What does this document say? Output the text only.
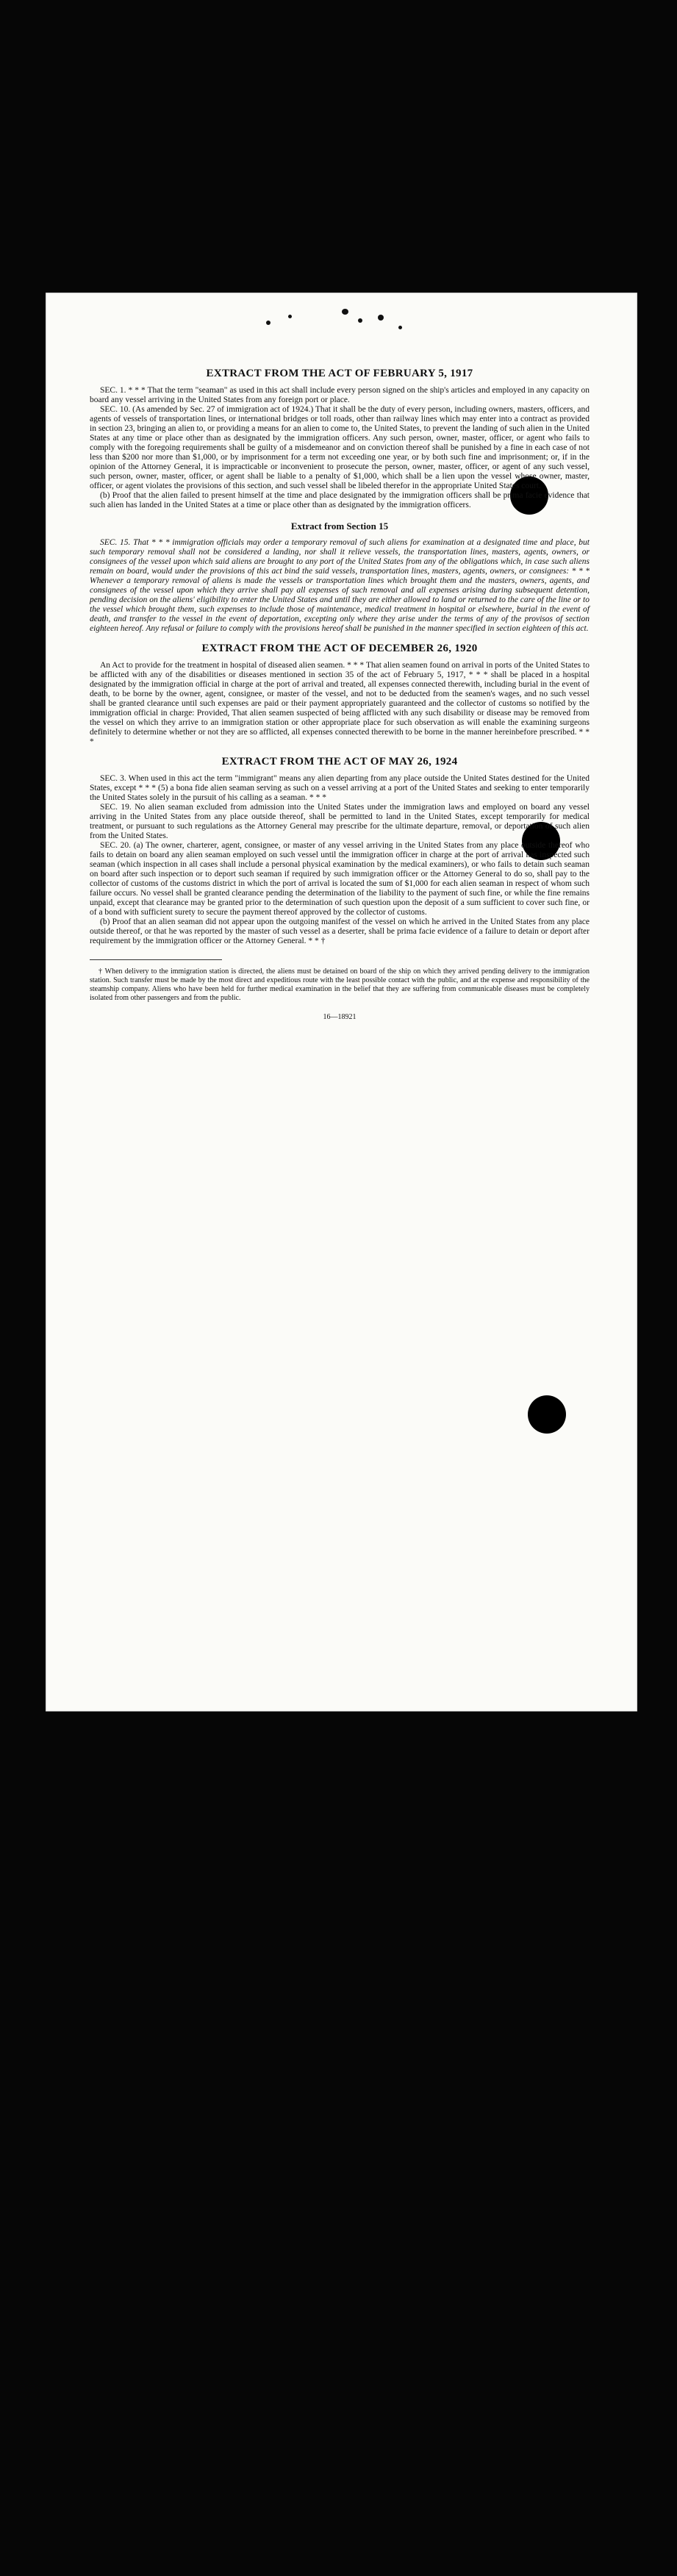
EXTRACT FROM THE ACT OF FEBRUARY 5, 1917

SEC. 1. * * * That the term "seaman" as used in this act shall include every person signed on the ship's articles and employed in any capacity on board any vessel arriving in the United States from any foreign port or place.

SEC. 10. (As amended by Sec. 27 of immigration act of 1924.) That it shall be the duty of every person, including owners, masters, officers, and agents of vessels of transportation lines, or international bridges or toll roads, other than railway lines which may enter into a contract as provided in section 23, bringing an alien to, or providing a means for an alien to come to, the United States, to prevent the landing of such alien in the United States at any time or place other than as designated by the immigration officers. Any such person, owner, master, officer, or agent who fails to comply with the foregoing requirements shall be guilty of a misdemeanor and on conviction thereof shall be punished by a fine in each case of not less than $200 nor more than $1,000, or by imprisonment for a term not exceeding one year, or by both such fine and imprisonment; or, if in the opinion of the Attorney General, it is impracticable or inconvenient to prosecute the person, owner, master, officer, or agent of any such vessel, such person, owner, master, officer, or agent shall be liable to a penalty of $1,000, which shall be a lien upon the vessel whose owner, master, officer, or agent violates the provisions of this section, and such vessel shall be libeled therefor in the appropriate United States court.

(b) Proof that the alien failed to present himself at the time and place designated by the immigration officers shall be prima facie evidence that such alien has landed in the United States at a time or place other than as designated by the immigration officers.

Extract from Section 15

SEC. 15. That * * * immigration officials may order a temporary removal of such aliens for examination at a designated time and place, but such temporary removal shall not be considered a landing, nor shall it relieve vessels, the transportation lines, masters, agents, owners, or consignees of the vessel upon which said aliens are brought to any port of the United States from any of the obligations which, in case such aliens remain on board, would under the provisions of this act bind the said vessels, transportation lines, masters, agents, owners, or consignees: * * * Whenever a temporary removal of aliens is made the vessels or transportation lines which brought them and the masters, owners, agents, and consignees of the vessel upon which they arrive shall pay all expenses of such removal and all expenses arising during subsequent detention, pending decision on the aliens' eligibility to enter the United States and until they are either allowed to land or returned to the care of the line or to the vessel which brought them, such expenses to include those of maintenance, medical treatment in hospital or elsewhere, burial in the event of death, and transfer to the vessel in the event of deportation, excepting only where they arise under the terms of any of the provisos of section eighteen hereof. Any refusal or failure to comply with the provisions hereof shall be punished in the manner specified in section eighteen of this act.

EXTRACT FROM THE ACT OF DECEMBER 26, 1920

An Act to provide for the treatment in hospital of diseased alien seamen. * * * That alien seamen found on arrival in ports of the United States to be afflicted with any of the disabilities or diseases mentioned in section 35 of the act of February 5, 1917, * * * shall be placed in a hospital designated by the immigration official in charge at the port of arrival and treated, all expenses connected therewith, including burial in the event of death, to be borne by the owner, agent, consignee, or master of the vessel, and not to be deducted from the seamen's wages, and no such vessel shall be granted clearance until such expenses are paid or their payment appropriately guaranteed and the collector of customs so notified by the immigration official in charge: Provided, That alien seamen suspected of being afflicted with any such disability or disease may be removed from the vessel on which they arrive to an immigration station or other appropriate place for such observation as will enable the examining surgeons definitely to determine whether or not they are so afflicted, all expenses connected therewith to be borne in the manner hereinbefore prescribed. * * *

EXTRACT FROM THE ACT OF MAY 26, 1924

SEC. 3. When used in this act the term "immigrant" means any alien departing from any place outside the United States destined for the United States, except * * * (5) a bona fide alien seaman serving as such on a vessel arriving at a port of the United States and seeking to enter temporarily the United States solely in the pursuit of his calling as a seaman. * * *

SEC. 19. No alien seaman excluded from admission into the United States under the immigration laws and employed on board any vessel arriving in the United States from any place outside thereof, shall be permitted to land in the United States, except temporarily for medical treatment, or pursuant to such regulations as the Attorney General may prescribe for the ultimate departure, removal, or deportation of such alien from the United States.

SEC. 20. (a) The owner, charterer, agent, consignee, or master of any vessel arriving in the United States from any place outside thereof who fails to detain on board any alien seaman employed on such vessel until the immigration officer in charge at the port of arrival has inspected such seaman (which inspection in all cases shall include a personal physical examination by the medical examiners), or who fails to detain such seaman on board after such inspection or to deport such seaman if required by such immigration officer or the Attorney General to do so, shall pay to the collector of customs of the customs district in which the port of arrival is located the sum of $1,000 for each alien seaman in respect of whom such failure occurs. No vessel shall be granted clearance pending the determination of the liability to the payment of such fine, or while the fine remains unpaid, except that clearance may be granted prior to the determination of such question upon the deposit of a sum sufficient to cover such fine, or of a bond with sufficient surety to secure the payment thereof approved by the collector of customs.

(b) Proof that an alien seaman did not appear upon the outgoing manifest of the vessel on which he arrived in the United States from any place outside thereof, or that he was reported by the master of such vessel as a deserter, shall be prima facie evidence of a failure to detain or deport after requirement by the immigration officer or the Attorney General. * * †

† When delivery to the immigration station is directed, the aliens must be detained on board of the ship on which they arrived pending delivery to the immigration station. Such transfer must be made by the most direct and expeditious route with the least possible contact with the public, and at the expense and responsibility of the steamship company. Aliens who have been held for further medical examination in the belief that they are suffering from communicable diseases must be completely isolated from other passengers and from the public.

16—18921
